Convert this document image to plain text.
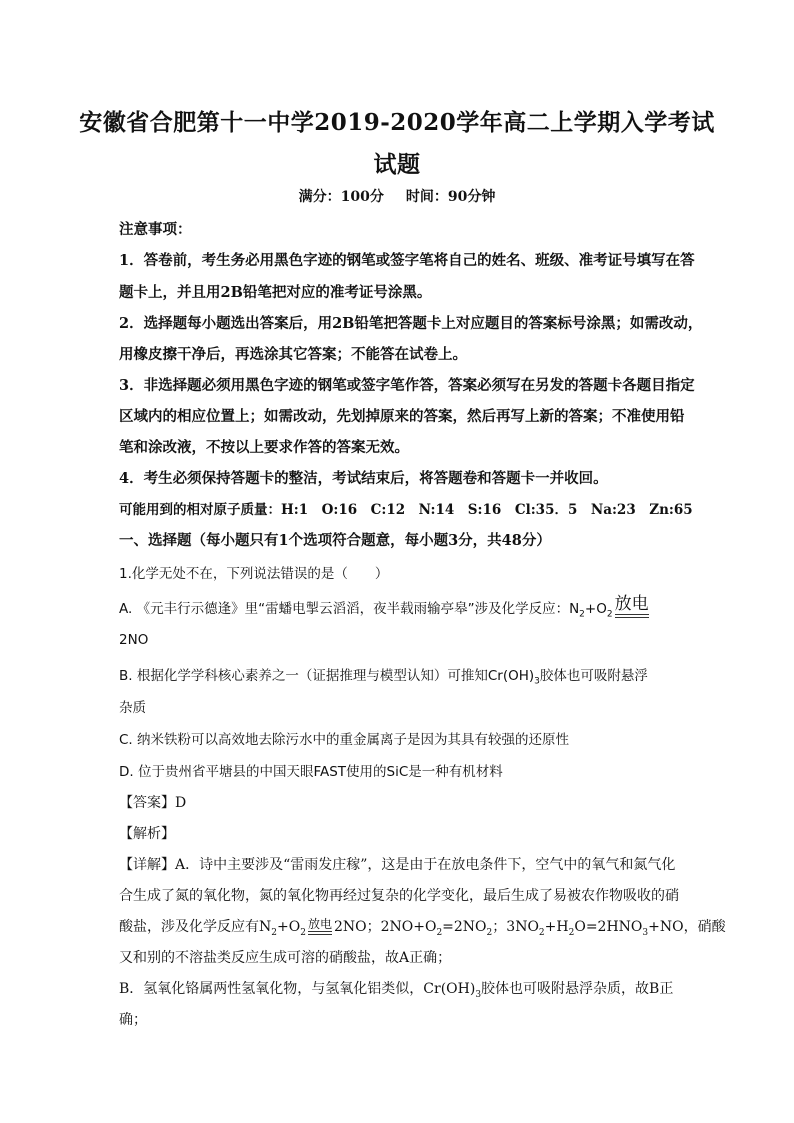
安徽省合肥第十一中学2019-2020学年高二上学期入学考试
试题
满分：100分 时间：90分钟
注意事项：
1．答卷前，考生务必用黑色字迹的钢笔或签字笔将自己的姓名、班级、准考证号填写在答
题卡上，并且用2B铅笔把对应的准考证号涂黑。
2．选择题每小题选出答案后，用2B铅笔把答题卡上对应题目的答案标号涂黑；如需改动，
用橡皮擦干净后，再选涂其它答案；不能答在试卷上。
3．非选择题必须用黑色字迹的钢笔或签字笔作答，答案必须写在另发的答题卡各题目指定
区域内的相应位置上；如需改动，先划掉原来的答案，然后再写上新的答案；不准使用铅
笔和涂改液，不按以上要求作答的答案无效。
4．考生必须保持答题卡的整洁，考试结束后，将答题卷和答题卡一并收回。
可能用到的相对原子质量：H:1　O:16　C:12　N:14　S:16　Cl:35．5　Na:23　Zn:65
一、选择题（每小题只有1个选项符合题意，每小题3分，共48分）
1.化学无处不在，下列说法错误的是（　　）
A. 《元丰行示德逢》里“雷蟠电掣云滔滔，夜半载雨输亭皋”涉及化学反应：$N_2+O_2$
放电
2NO
B. 根据化学学科核心素养之一（证据推理与模型认知）可推知$Cr(OH)_3$胶体也可吸附悬浮
杂质
C. 纳米铁粉可以高效地去除污水中的重金属离子是因为其具有较强的还原性
D. 位于贵州省平塘县的中国天眼FAST使用的SiC是一种有机材料
【答案】D
【解析】
【详解】A．诗中主要涉及“雷雨发庄稼”，这是由于在放电条件下，空气中的氧气和氮气化
合生成了氮的氧化物，氮的氧化物再经过复杂的化学变化，最后生成了易被农作物吸收的硝
酸盐，涉及化学反应有$N_2+O_2$
放电 2NO；$2NO+O_2=2NO_2$；$3NO_2+H_2O=2HNO_3+NO$，硝酸
又和别的不溶盐类反应生成可溶的硝酸盐，故A正确；
B．氢氧化铬属两性氢氧化物，与氢氧化铝类似，$Cr(OH)_3$胶体也可吸附悬浮杂质，故B正
确；
